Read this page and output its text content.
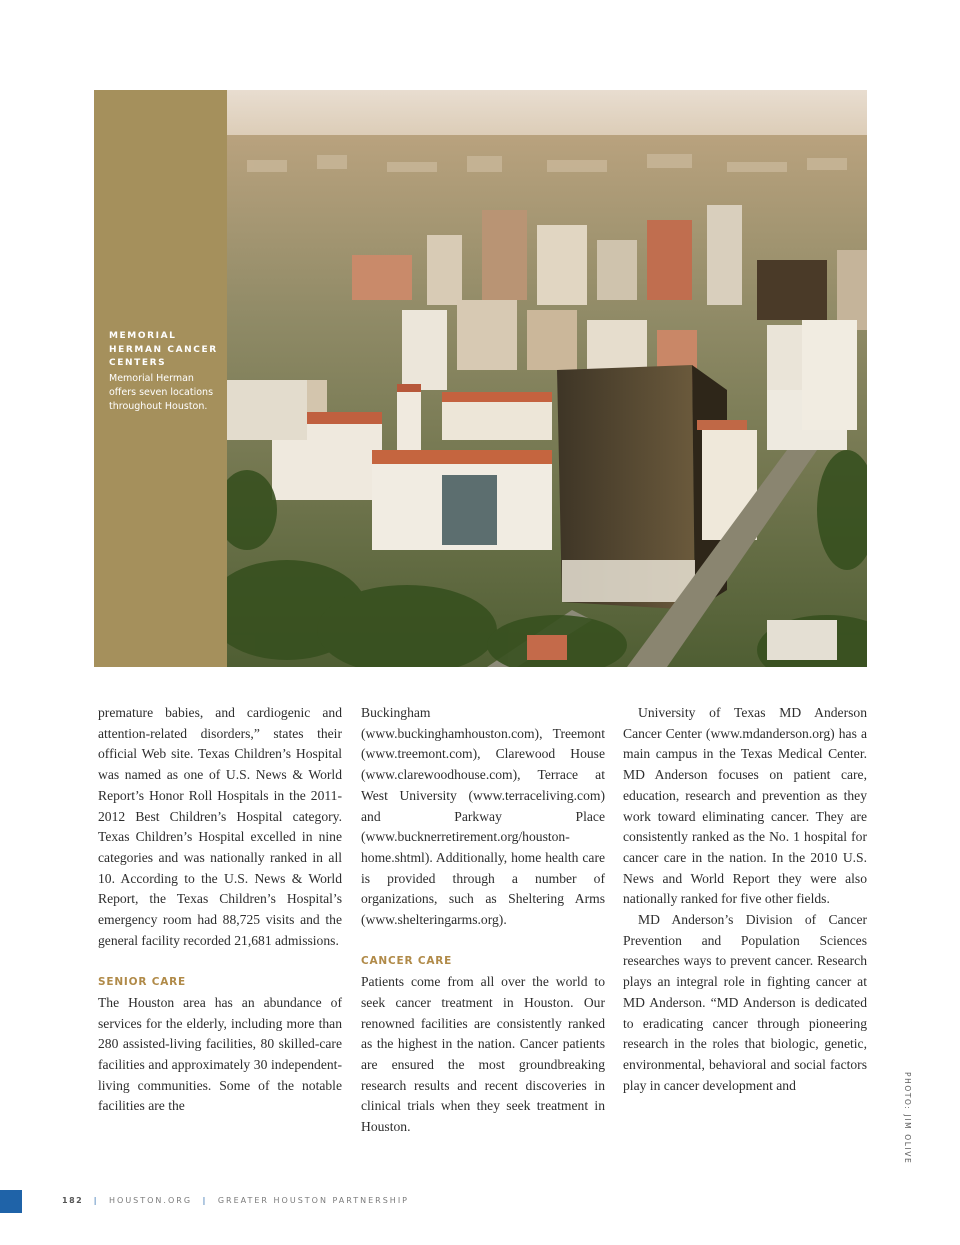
MEMORIAL HERMAN CANCER CENTERS
Memorial Herman offers seven locations throughout Houston.

premature babies, and cardiogenic and attention-related disorders,” states their official Web site. Texas Children’s Hospital was named as one of U.S. News & World Report’s Honor Roll Hospitals in the 2011-2012 Best Children’s Hospital category. Texas Children’s Hospital excelled in nine categories and was nationally ranked in all 10. According to the U.S. News & World Report, the Texas Children’s Hospital’s emergency room had 88,725 visits and the general facility recorded 21,681 admissions.

SENIOR CARE

The Houston area has an abundance of services for the elderly, including more than 280 assisted-living facilities, 80 skilled-care facilities and approximately 30 independent-living communities. Some of the notable facilities are the

Buckingham (www.buckinghamhouston.com), Treemont (www.treemont.com), Clarewood House (www.clarewoodhouse.com), Terrace at West University (www.terraceliving.com) and Parkway Place (www.bucknerretirement.org/houston-home.shtml). Additionally, home health care is provided through a number of organizations, such as Sheltering Arms (www.shelteringarms.org).

CANCER CARE

Patients come from all over the world to seek cancer treatment in Houston. Our renowned facilities are consistently ranked as the highest in the nation. Cancer patients are ensured the most groundbreaking research results and recent discoveries in clinical trials when they seek treatment in Houston.

University of Texas MD Anderson Cancer Center (www.mdanderson.org) has a main campus in the Texas Medical Center. MD Anderson focuses on patient care, education, research and prevention as they work toward eliminating cancer. They are consistently ranked as the No. 1 hospital for cancer care in the nation. In the 2010 U.S. News and World Report they were also nationally ranked for five other fields.

MD Anderson’s Division of Cancer Prevention and Population Sciences researches ways to prevent cancer. Research plays an integral role in fighting cancer at MD Anderson. “MD Anderson is dedicated to eradicating cancer through pioneering research in the roles that biologic, genetic, environmental, behavioral and social factors play in cancer development and	PHOTO: JIM OLIVE
182 | HOUSTON.ORG | GREATER HOUSTON PARTNERSHIP
